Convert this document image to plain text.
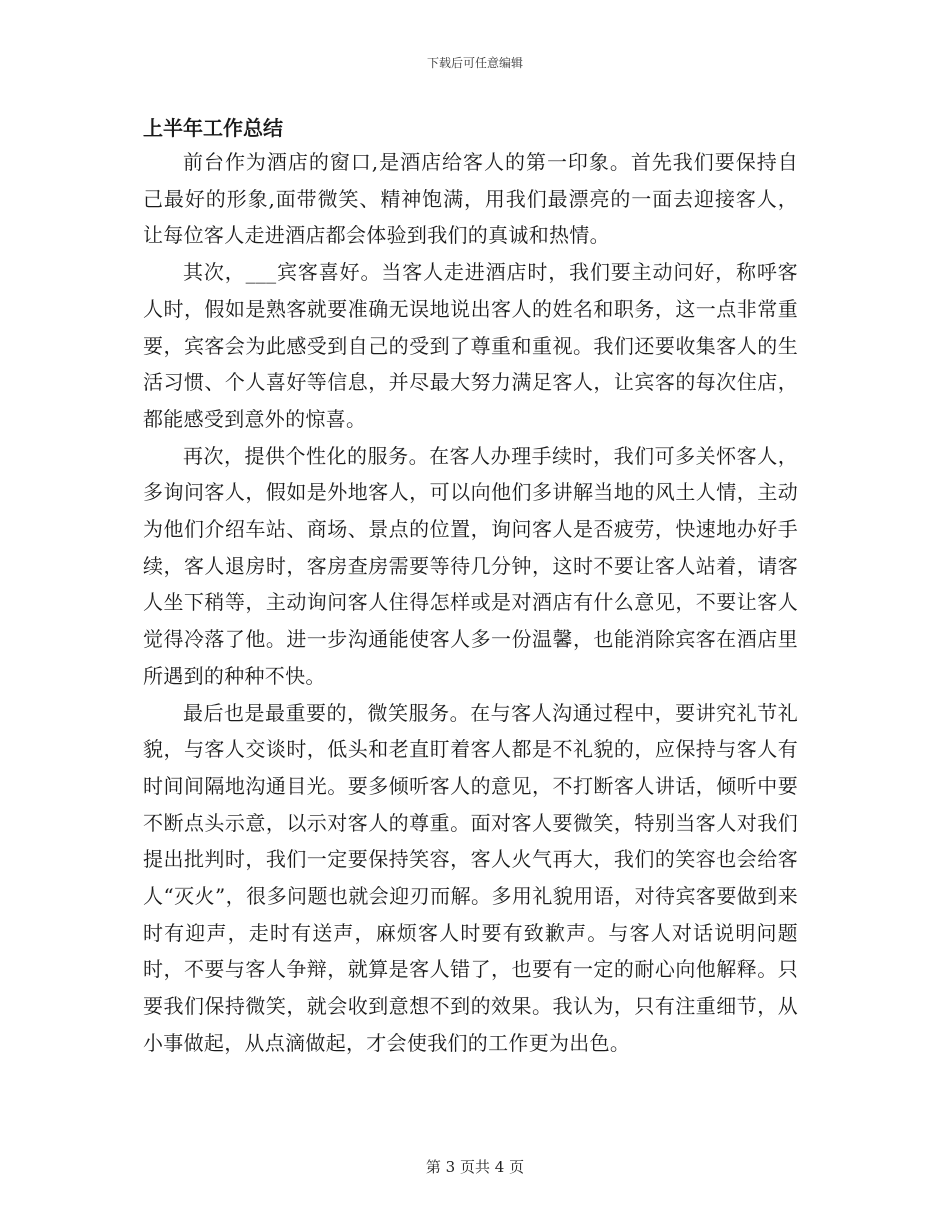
下载后可任意编辑
上半年工作总结

前台作为酒店的窗口,是酒店给客人的第一印象。首先我们要保持自己最好的形象,面带微笑、精神饱满，用我们最漂亮的一面去迎接客人，让每位客人走进酒店都会体验到我们的真诚和热情。

其次，___宾客喜好。当客人走进酒店时，我们要主动问好，称呼客人时，假如是熟客就要准确无误地说出客人的姓名和职务，这一点非常重要，宾客会为此感受到自己的受到了尊重和重视。我们还要收集客人的生活习惯、个人喜好等信息，并尽最大努力满足客人，让宾客的每次住店，都能感受到意外的惊喜。

再次，提供个性化的服务。在客人办理手续时，我们可多关怀客人，多询问客人，假如是外地客人，可以向他们多讲解当地的风土人情，主动为他们介绍车站、商场、景点的位置，询问客人是否疲劳，快速地办好手续，客人退房时，客房查房需要等待几分钟，这时不要让客人站着，请客人坐下稍等，主动询问客人住得怎样或是对酒店有什么意见，不要让客人觉得冷落了他。进一步沟通能使客人多一份温馨，也能消除宾客在酒店里所遇到的种种不快。

最后也是最重要的，微笑服务。在与客人沟通过程中，要讲究礼节礼貌，与客人交谈时，低头和老直盯着客人都是不礼貌的，应保持与客人有时间间隔地沟通目光。要多倾听客人的意见，不打断客人讲话，倾听中要不断点头示意，以示对客人的尊重。面对客人要微笑，特别当客人对我们提出批判时，我们一定要保持笑容，客人火气再大，我们的笑容也会给客人“灭火”，很多问题也就会迎刃而解。多用礼貌用语，对待宾客要做到来时有迎声，走时有送声，麻烦客人时要有致歉声。与客人对话说明问题时，不要与客人争辩，就算是客人错了，也要有一定的耐心向他解释。只要我们保持微笑，就会收到意想不到的效果。我认为，只有注重细节，从小事做起，从点滴做起，才会使我们的工作更为出色。

第 3 页共 4 页
